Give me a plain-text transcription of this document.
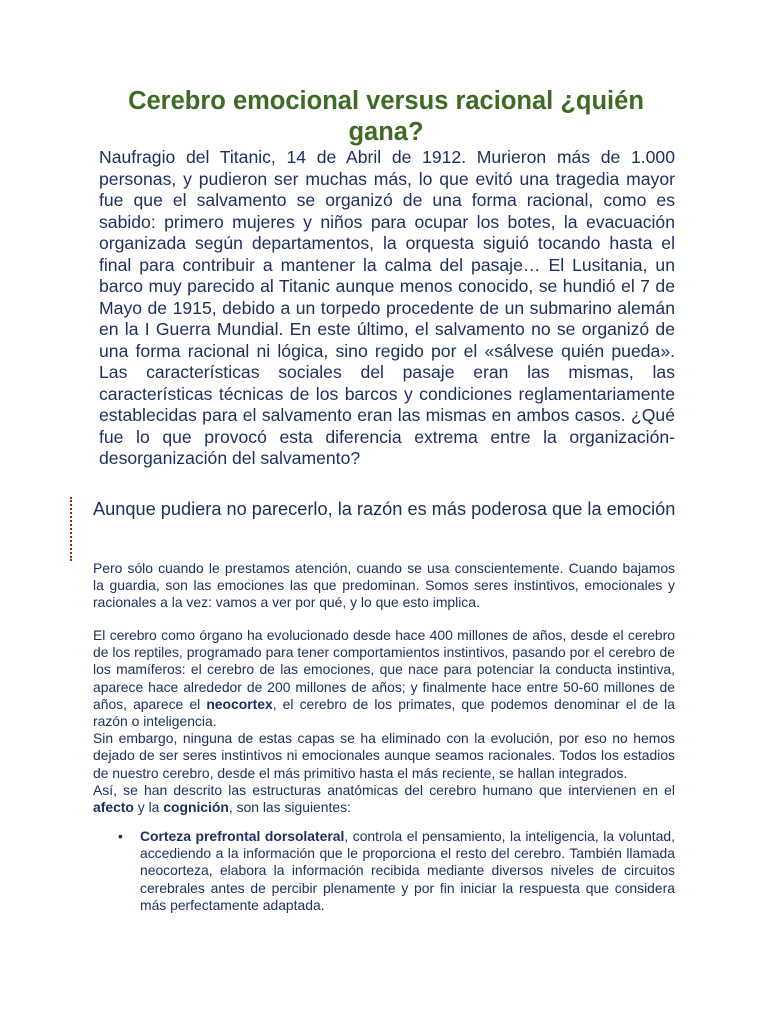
Cerebro emocional versus racional ¿quién gana?

Naufragio del Titanic, 14 de Abril de 1912. Murieron más de 1.000 personas, y pudieron ser muchas más, lo que evitó una tragedia mayor fue que el salvamento se organizó de una forma racional, como es sabido: primero mujeres y niños para ocupar los botes, la evacuación organizada según departamentos, la orquesta siguió tocando hasta el final para contribuir a mantener la calma del pasaje… El Lusitania, un barco muy parecido al Titanic aunque menos conocido, se hundió el 7 de Mayo de 1915, debido a un torpedo procedente de un submarino alemán en la I Guerra Mundial. En este último, el salvamento no se organizó de una forma racional ni lógica, sino regido por el «sálvese quién pueda». Las características sociales del pasaje eran las mismas, las características técnicas de los barcos y condiciones reglamentariamente establecidas para el salvamento eran las mismas en ambos casos. ¿Qué fue lo que provocó esta diferencia extrema entre la organización-desorganización del salvamento?

Aunque pudiera no parecerlo, la razón es más poderosa que la emoción

Pero sólo cuando le prestamos atención, cuando se usa conscientemente. Cuando bajamos la guardia, son las emociones las que predominan. Somos seres instintivos, emocionales y racionales a la vez: vamos a ver por qué, y lo que esto implica.

El cerebro como órgano ha evolucionado desde hace 400 millones de años, desde el cerebro de los reptiles, programado para tener comportamientos instintivos, pasando por el cerebro de los mamíferos: el cerebro de las emociones, que nace para potenciar la conducta instintiva, aparece hace alrededor de 200 millones de años; y finalmente hace entre 50-60 millones de años, aparece el neocortex, el cerebro de los primates, que podemos denominar el de la razón o inteligencia.
Sin embargo, ninguna de estas capas se ha eliminado con la evolución, por eso no hemos dejado de ser seres instintivos ni emocionales aunque seamos racionales. Todos los estadios de nuestro cerebro, desde el más primitivo hasta el más reciente, se hallan integrados.
Así, se han descrito las estructuras anatómicas del cerebro humano que intervienen en el afecto y la cognición, son las siguientes:
• Corteza prefrontal dorsolateral, controla el pensamiento, la inteligencia, la voluntad, accediendo a la información que le proporciona el resto del cerebro. También llamada neocorteza, elabora la información recibida mediante diversos niveles de circuitos cerebrales antes de percibir plenamente y por fin iniciar la respuesta que considera más perfectamente adaptada.
